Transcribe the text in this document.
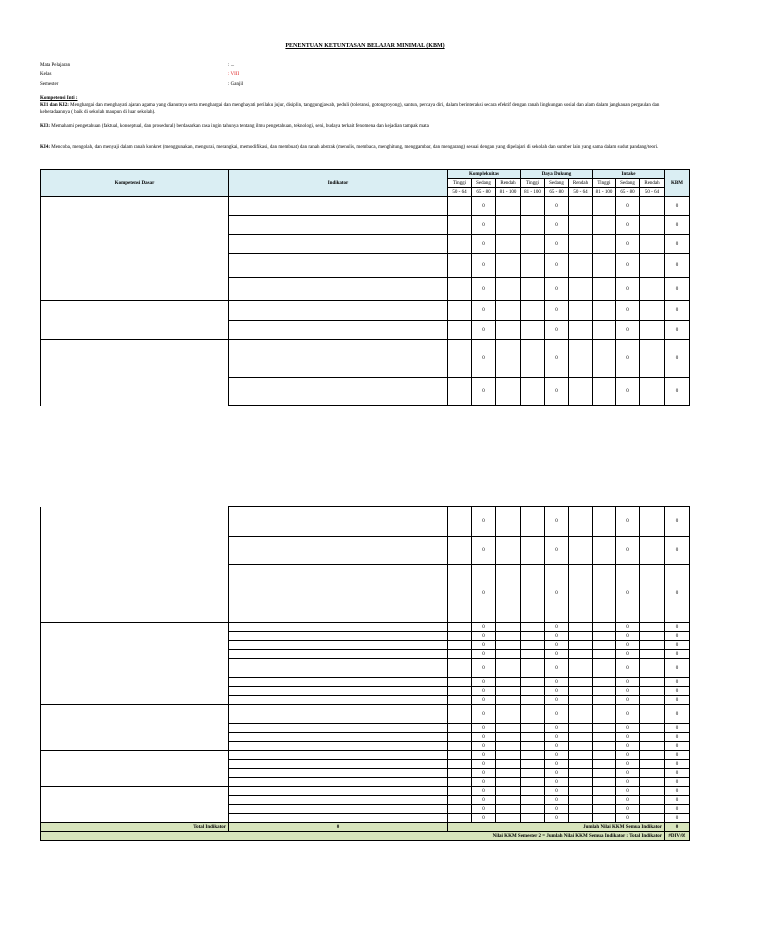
PENENTUAN KETUNTASAN BELAJAR MINIMAL (KBM)
Mata Pelajaran	: ...
Kelas	: VIII
Semester	: Ganjil
Kompetensi Inti :
KI1 dan KI2: Menghargai dan menghayati ajaran agama yang dianutnya serta menghargai dan menghayati perilaku jujur, disiplin, tanggungjawab, peduli (toleransi, gotongroyong), santun, percaya diri, dalam berinteraksi secara efektif dengan ranah lingkungan sosial dan alam dalam jangkauan pergaulan dan keberadaannya ( baik di sekolah maupun di luar sekolah).
KI3: Memahami pengetahuan (faktual, konseptual, dan prosedural) berdasarkan rasa ingin tahunya tentang ilmu pengetahuan, teknologi, seni, budaya terkait fenomena dan kejadian tampak mata
KI4: Mencoba, mengolah, dan menyaji dalam ranah konkret (menggunakan, mengurai, merangkai, memodifikasi, dan membuat) dan ranah abstrak (menulis, membaca, menghitung, menggambar, dan mengarang) sesuai dengan yang dipelajari di sekolah dan sumber lain yang sama dalam sudut pandang/teori.
Kompetensi Dasar	Indikator	Komplekuitas			Daya Dukung			Intake			KBM
		Tinggi	Sedang	Rendah	Tinggi	Sedang	Rendah	Tinggi	Sedang	Rendah	
		50 - 64	65 - 80	81 - 100	81 - 100	65 - 80	50 - 64	81 - 100	65 - 80	50 - 64	
			0			0			0		0
			0			0			0		0
			0			0			0		0
			0			0			0		0
			0			0			0		0
			0			0			0		0
			0			0			0		0
			0			0			0		0
			0			0			0		0
			0			0			0		0
			0			0			0		0
			0			0			0		0
			0			0			0		0
			0			0			0		0
			0			0			0		0
			0			0			0		0
			0			0			0		0
			0			0			0		0
			0			0			0		0
			0			0			0		0
			0			0			0		0
			0			0			0		0
			0			0			0		0
			0			0			0		0
			0			0			0		0
			0			0			0		0
			0			0			0		0
			0			0			0		0
			0			0			0		0
			0			0			0		0
			0			0			0		0
			0			0			0		0
Total Indikator	0	Jumlah Nilai KKM Semua Indikator									0
Nilai KKM Semester 2 = Jumlah Nilai KKM Semua Indikator : Total Indikator											#DIV/0!
